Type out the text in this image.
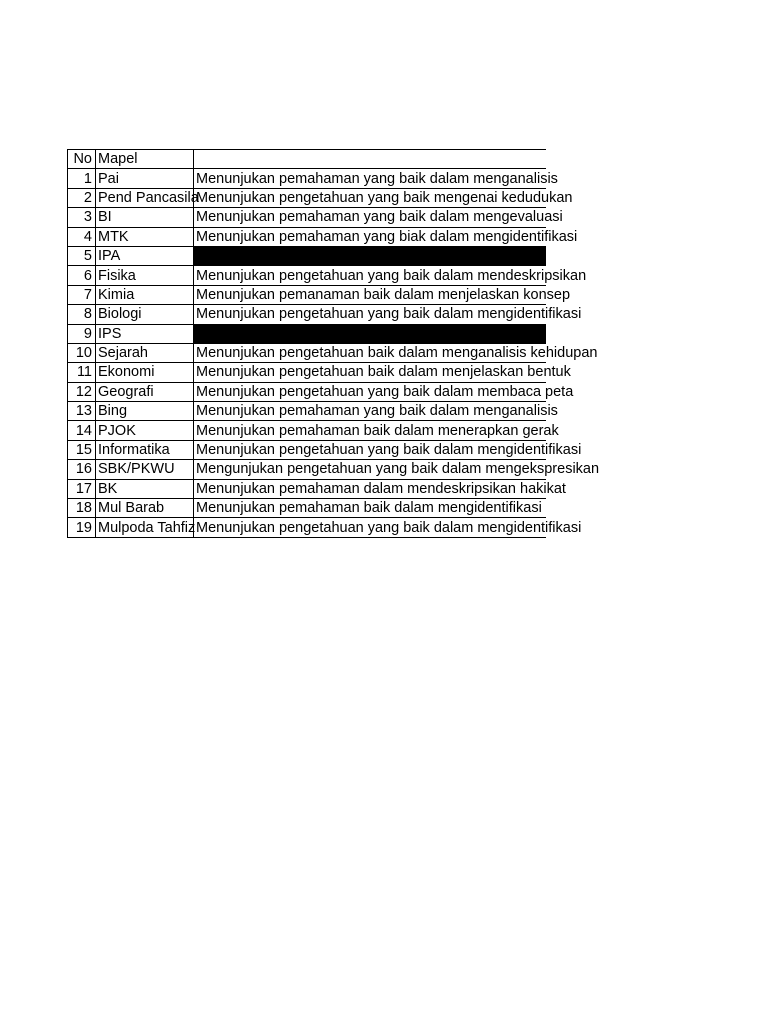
No	Mapel	
1	Pai	Menunjukan pemahaman yang baik dalam menganalisis
2	Pend Pancasila	Menunjukan pengetahuan yang baik mengenai kedudukan
3	BI	Menunjukan pemahaman yang baik dalam mengevaluasi
4	MTK	Menunjukan pemahaman yang biak dalam mengidentifikasi
5	IPA	
6	Fisika	Menunjukan pengetahuan yang baik dalam mendeskripsikan
7	Kimia	Menunjukan pemanaman baik dalam menjelaskan konsep
8	Biologi	Menunjukan pengetahuan yang baik dalam mengidentifikasi
9	IPS	
10	Sejarah	Menunjukan pengetahuan baik dalam menganalisis kehidupan
11	Ekonomi	Menunjukan pengetahuan baik dalam menjelaskan bentuk
12	Geografi	Menunjukan pengetahuan yang baik dalam membaca peta
13	Bing	Menunjukan pemahaman yang baik dalam menganalisis
14	PJOK	Menunjukan pemahaman baik dalam menerapkan gerak
15	Informatika	Menunjukan pengetahuan yang baik dalam mengidentifikasi
16	SBK/PKWU	Mengunjukan pengetahuan yang baik dalam mengekspresikan
17	BK	Menunjukan pemahaman dalam mendeskripsikan hakikat
18	Mul Barab	Menunjukan pemahaman baik dalam mengidentifikasi
19	Mulpoda Tahfiz	Menunjukan pengetahuan yang baik dalam mengidentifikasi
